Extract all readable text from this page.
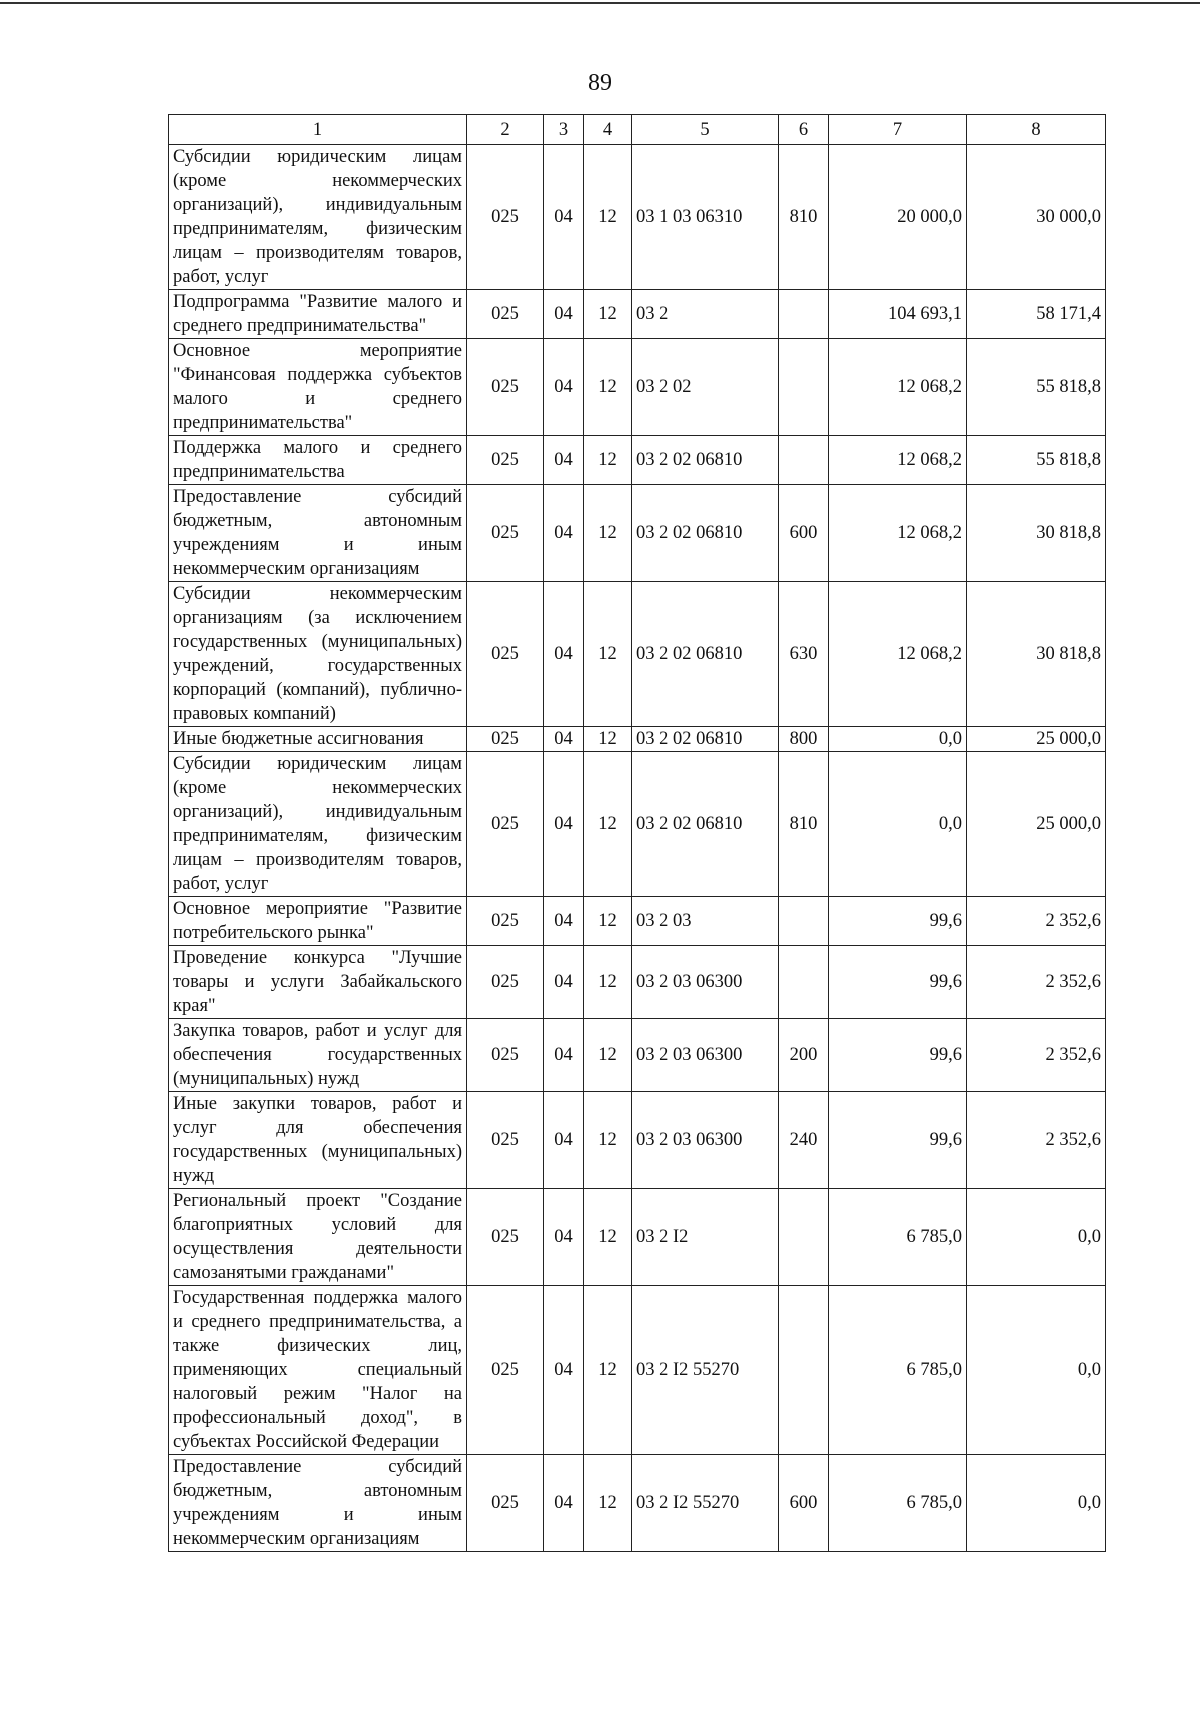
89
1	2	3	4	5	6	7	8
Субсидии юридическим лицам (кроме некоммерческих организаций), индивидуальным предпринимателям, физическим лицам – производителям товаров, работ, услуг	025	04	12	03 1 03 06310	810	20 000,0	30 000,0
Подпрограмма "Развитие малого и среднего предпринимательства"	025	04	12	03 2		104 693,1	58 171,4
Основное мероприятие "Финансовая поддержка субъектов малого и среднего предпринимательства"	025	04	12	03 2 02		12 068,2	55 818,8
Поддержка малого и среднего предпринимательства	025	04	12	03 2 02 06810		12 068,2	55 818,8
Предоставление субсидий бюджетным, автономным учреждениям и иным некоммерческим организациям	025	04	12	03 2 02 06810	600	12 068,2	30 818,8
Субсидии некоммерческим организациям (за исключением государственных (муниципальных) учреждений, государственных корпораций (компаний), публично-правовых компаний)	025	04	12	03 2 02 06810	630	12 068,2	30 818,8
Иные бюджетные ассигнования	025	04	12	03 2 02 06810	800	0,0	25 000,0
Субсидии юридическим лицам (кроме некоммерческих организаций), индивидуальным предпринимателям, физическим лицам – производителям товаров, работ, услуг	025	04	12	03 2 02 06810	810	0,0	25 000,0
Основное мероприятие "Развитие потребительского рынка"	025	04	12	03 2 03		99,6	2 352,6
Проведение конкурса "Лучшие товары и услуги Забайкальского края"	025	04	12	03 2 03 06300		99,6	2 352,6
Закупка товаров, работ и услуг для обеспечения государственных (муниципальных) нужд	025	04	12	03 2 03 06300	200	99,6	2 352,6
Иные закупки товаров, работ и услуг для обеспечения государственных (муниципальных) нужд	025	04	12	03 2 03 06300	240	99,6	2 352,6
Региональный проект "Создание благоприятных условий для осуществления деятельности самозанятыми гражданами"	025	04	12	03 2 I2		6 785,0	0,0
Государственная поддержка малого и среднего предпринимательства, а также физических лиц, применяющих специальный налоговый режим "Налог на профессиональный доход", в субъектах Российской Федерации	025	04	12	03 2 I2 55270		6 785,0	0,0
Предоставление субсидий бюджетным, автономным учреждениям и иным некоммерческим организациям	025	04	12	03 2 I2 55270	600	6 785,0	0,0
